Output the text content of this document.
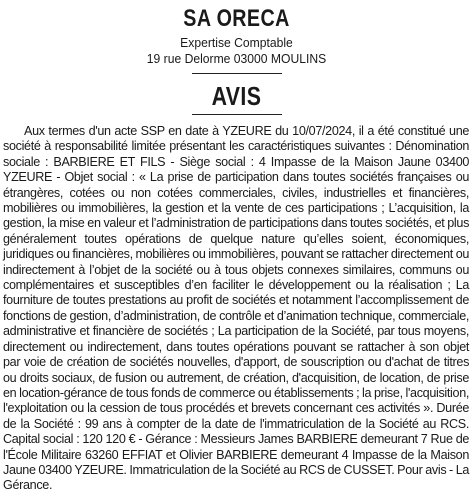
SA ORECA
Expertise Comptable
19 rue Delorme 03000 MOULINS
AVIS
Aux termes d'un acte SSP en date à YZEURE du 10/07/2024, il a été constitué une société à responsabilité limitée présentant les caractéristiques suivantes : Dénomination sociale : BARBIERE ET FILS - Siège social : 4 Impasse de la Maison Jaune 03400 YZEURE - Objet social : « La prise de participation dans toutes sociétés françaises ou étrangères, cotées ou non cotées commerciales, civiles, industrielles et financières, mobilières ou immobilières, la gestion et la vente de ces participations ; L’acquisition, la gestion, la mise en valeur et l’administration de participations dans toutes sociétés, et plus généralement toutes opérations de quelque nature qu’elles soient, économiques, juridiques ou financières, mobilières ou immobilières, pouvant se rattacher directement ou indirectement à l’objet de la société ou à tous objets connexes similaires, communs ou complémentaires et susceptibles d’en faciliter le développement ou la réalisation ; La fourniture de toutes prestations au profit de sociétés et notamment l’accomplissement de fonctions de gestion, d’administration, de contrôle et d’animation technique, commerciale, administrative et financière de sociétés ; La participation de la Société, par tous moyens, directement ou indirectement, dans toutes opérations pouvant se rattacher à son objet par voie de création de sociétés nouvelles, d'apport, de souscription ou d'achat de titres ou droits sociaux, de fusion ou autrement, de création, d'acquisition, de location, de prise en location-gérance de tous fonds de commerce ou établissements ; la prise, l'acquisition, l'exploitation ou la cession de tous procédés et brevets concernant ces activités ». Durée de la Société : 99 ans à compter de la date de l'immatriculation de la Société au RCS. Capital social : 120 120 € - Gérance : Messieurs James BARBIERE demeurant 7 Rue de l'École Militaire 63260 EFFIAT et Olivier BARBIERE demeurant 4 Impasse de la Maison Jaune 03400 YZEURE. Immatriculation de la Société au RCS de CUSSET. Pour avis - La Gérance.
